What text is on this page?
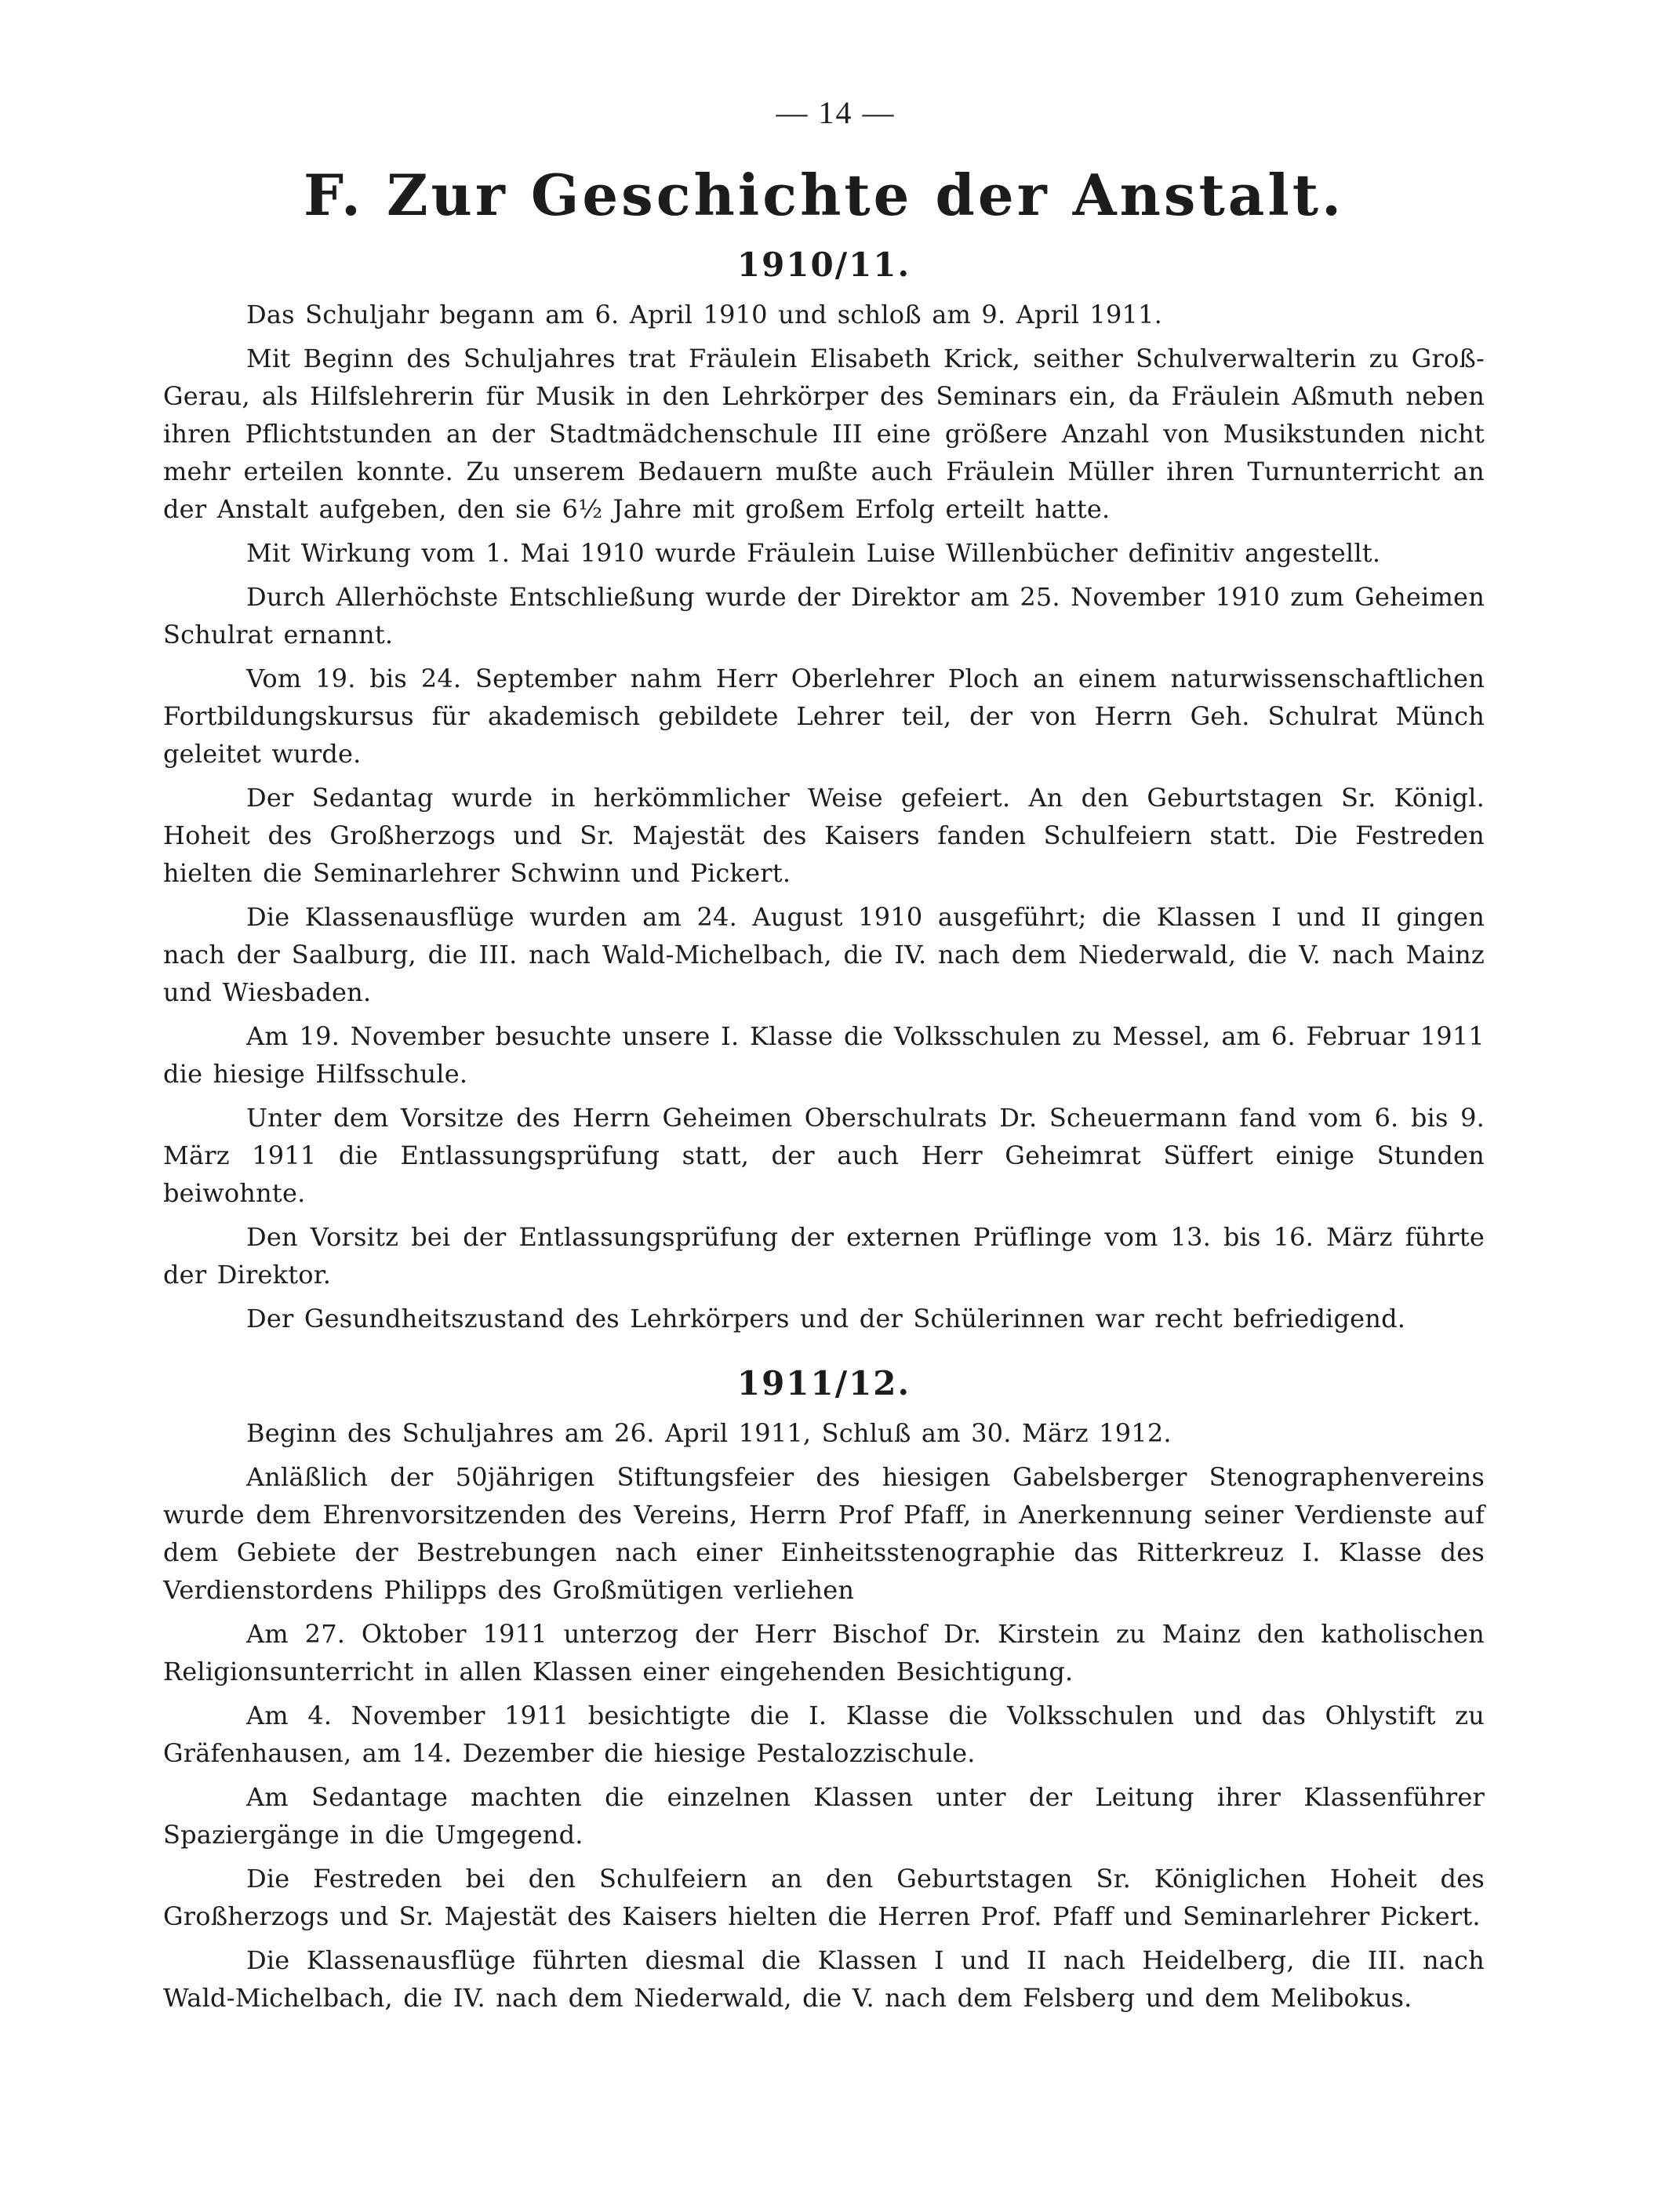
— 14 —
F. Zur Geschichte der Anstalt.
1910/11.

Das Schuljahr begann am 6. April 1910 und schloß am 9. April 1911.

Mit Beginn des Schuljahres trat Fräulein Elisabeth Krick, seither Schulverwalterin zu Groß-Gerau, als Hilfslehrerin für Musik in den Lehrkörper des Seminars ein, da Fräulein Aßmuth neben ihren Pflichtstunden an der Stadtmädchenschule III eine größere Anzahl von Musikstunden nicht mehr erteilen konnte. Zu unserem Bedauern mußte auch Fräulein Müller ihren Turnunterricht an der Anstalt aufgeben, den sie 6½ Jahre mit großem Erfolg erteilt hatte.

Mit Wirkung vom 1. Mai 1910 wurde Fräulein Luise Willenbücher definitiv angestellt.

Durch Allerhöchste Entschließung wurde der Direktor am 25. November 1910 zum Geheimen Schulrat ernannt.

Vom 19. bis 24. September nahm Herr Oberlehrer Ploch an einem naturwissenschaftlichen Fortbildungskursus für akademisch gebildete Lehrer teil, der von Herrn Geh. Schulrat Münch geleitet wurde.

Der Sedantag wurde in herkömmlicher Weise gefeiert. An den Geburtstagen Sr. Königl. Hoheit des Großherzogs und Sr. Majestät des Kaisers fanden Schulfeiern statt. Die Festreden hielten die Seminarlehrer Schwinn und Pickert.

Die Klassenausflüge wurden am 24. August 1910 ausgeführt; die Klassen I und II gingen nach der Saalburg, die III. nach Wald-Michelbach, die IV. nach dem Niederwald, die V. nach Mainz und Wiesbaden.

Am 19. November besuchte unsere I. Klasse die Volksschulen zu Messel, am 6. Februar 1911 die hiesige Hilfsschule.

Unter dem Vorsitze des Herrn Geheimen Oberschulrats Dr. Scheuermann fand vom 6. bis 9. März 1911 die Entlassungsprüfung statt, der auch Herr Geheimrat Süffert einige Stunden beiwohnte.

Den Vorsitz bei der Entlassungsprüfung der externen Prüflinge vom 13. bis 16. März führte der Direktor.

Der Gesundheitszustand des Lehrkörpers und der Schülerinnen war recht befriedigend.

1911/12.

Beginn des Schuljahres am 26. April 1911, Schluß am 30. März 1912.

Anläßlich der 50jährigen Stiftungsfeier des hiesigen Gabelsberger Stenographenvereins wurde dem Ehrenvorsitzenden des Vereins, Herrn Prof Pfaff, in Anerkennung seiner Verdienste auf dem Gebiete der Bestrebungen nach einer Einheitsstenographie das Ritterkreuz I. Klasse des Verdienstordens Philipps des Großmütigen verliehen

Am 27. Oktober 1911 unterzog der Herr Bischof Dr. Kirstein zu Mainz den katholischen Religionsunterricht in allen Klassen einer eingehenden Besichtigung.

Am 4. November 1911 besichtigte die I. Klasse die Volksschulen und das Ohlystift zu Gräfenhausen, am 14. Dezember die hiesige Pestalozzischule.

Am Sedantage machten die einzelnen Klassen unter der Leitung ihrer Klassenführer Spaziergänge in die Umgegend.

Die Festreden bei den Schulfeiern an den Geburtstagen Sr. Königlichen Hoheit des Großherzogs und Sr. Majestät des Kaisers hielten die Herren Prof. Pfaff und Seminarlehrer Pickert.

Die Klassenausflüge führten diesmal die Klassen I und II nach Heidelberg, die III. nach Wald-Michelbach, die IV. nach dem Niederwald, die V. nach dem Felsberg und dem Melibokus.
